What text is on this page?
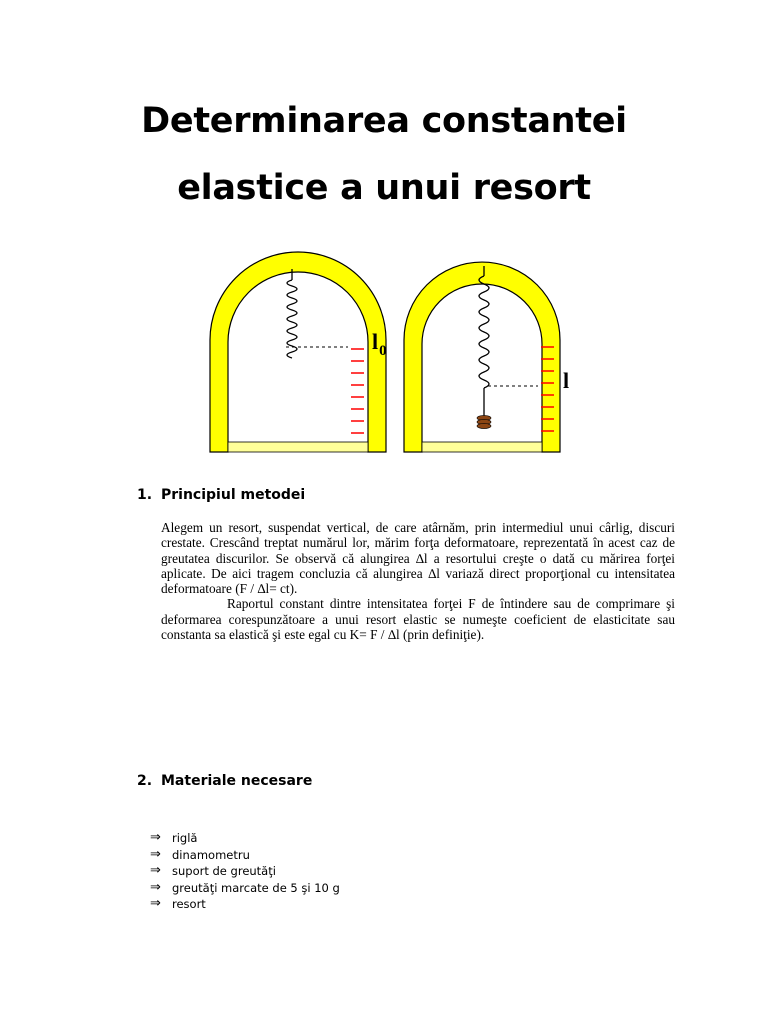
Determinarea constantei
elastice a unui resort
$l_0$
l
1. Principiul metodei

Alegem un resort, suspendat vertical, de care atârnăm, prin intermediul unui cârlig, discuri crestate. Crescând treptat numărul lor, mărim forţa deformatoare, reprezentată în acest caz de greutatea discurilor. Se observă că alungirea ∆l a resortului creşte o dată cu mărirea forţei aplicate. De aici tragem concluzia că alungirea ∆l variază direct proporţional cu intensitatea deformatoare (F / ∆l= ct).

Raportul constant dintre intensitatea forţei F de întindere sau de comprimare şi deformarea corespunzătoare a unui resort elastic se numeşte coeficient de elasticitate sau constanta sa elastică şi este egal cu K= F / ∆l (prin definiţie).

2. Materiale necesare
⇒ riglă
⇒ dinamometru
⇒ suport de greutăţi
⇒ greutăţi marcate de 5 şi 10 g
⇒ resort
